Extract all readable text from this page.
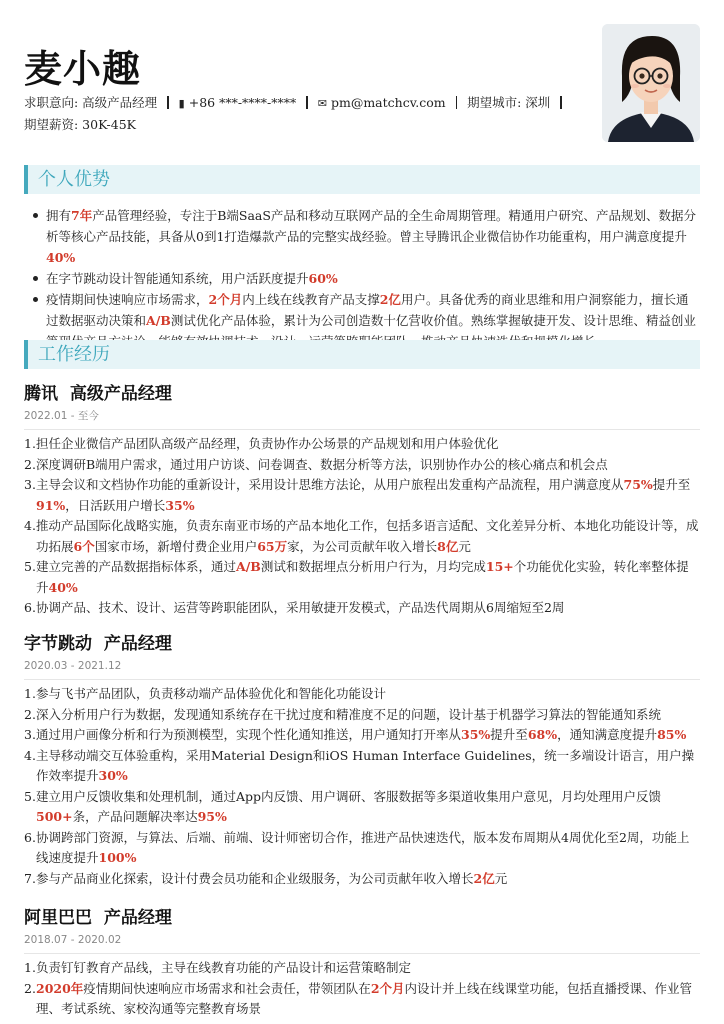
麦小趣
求职意向: 高级产品经理 ▮ +86 ***-****-**** ✉ pm@matchcv.com 期望城市: 深圳
期望薪资: 30K-45K
个人优势
拥有7年产品管理经验，专注于B端SaaS产品和移动互联网产品的全生命周期管理。精通用户研究、产品规划、数据分析等核心产品技能，具备从0到1打造爆款产品的完整实战经验。曾主导腾讯企业微信协作功能重构，用户满意度提升40%
在字节跳动设计智能通知系统，用户活跃度提升60%
疫情期间快速响应市场需求，2个月内上线在线教育产品支撑2亿用户。具备优秀的商业思维和用户洞察能力，擅长通过数据驱动决策和A/B测试优化产品体验，累计为公司创造数十亿营收价值。熟练掌握敏捷开发、设计思维、精益创业
工作经历
腾讯 高级产品经理
2022.01 - 至今
1. 担任企业微信产品团队高级产品经理，负责协作办公场景的产品规划和用户体验优化
2. 深度调研B端用户需求，通过用户访谈、问卷调查、数据分析等方法，识别协作办公的核心痛点和机会点
3. 主导会议和文档协作功能的重新设计，采用设计思维方法论，从用户旅程出发重构产品流程，用户满意度从75%提升至91%，日活跃用户增长35%
4. 推动产品国际化战略实施，负责东南亚市场的产品本地化工作，包括多语言适配、文化差异分析、本地化功能设计等，成功拓展6个国家市场，新增付费企业用户65万家，为公司贡献年收入增长8亿元
5. 建立完善的产品数据指标体系，通过A/B测试和数据埋点分析用户行为，月均完成15+个功能优化实验，转化率整体提升40%
6. 协调产品、技术、设计、运营等跨职能团队，采用敏捷开发模式，产品迭代周期从6周缩短至2周
字节跳动 产品经理
2020.03 - 2021.12
1. 参与飞书产品团队，负责移动端产品体验优化和智能化功能设计
2. 深入分析用户行为数据，发现通知系统存在干扰过度和精准度不足的问题，设计基于机器学习算法的智能通知系统
3. 通过用户画像分析和行为预测模型，实现个性化通知推送，用户通知打开率从35%提升至68%，通知满意度提升85%
4. 主导移动端交互体验重构，采用Material Design和iOS Human Interface Guidelines，统一多端设计语言，用户操作效率提升30%
5. 建立用户反馈收集和处理机制，通过App内反馈、用户调研、客服数据等多渠道收集用户意见，月均处理用户反馈500+条，产品问题解决率达95%
6. 协调跨部门资源，与算法、后端、前端、设计师密切合作，推进产品快速迭代，版本发布周期从4周优化至2周，功能上线速度提升100%
7. 参与产品商业化探索，设计付费会员功能和企业级服务，为公司贡献年收入增长2亿元
阿里巴巴 产品经理
2018.07 - 2020.02
1. 负责钉钉教育产品线，主导在线教育功能的产品设计和运营策略制定
2. 2020年疫情期间快速响应市场需求和社会责任，带领团队在2个月内设计并上线在线课堂功能，包括直播授课、作业管理、考试系统、家校沟通等完整教育场景
